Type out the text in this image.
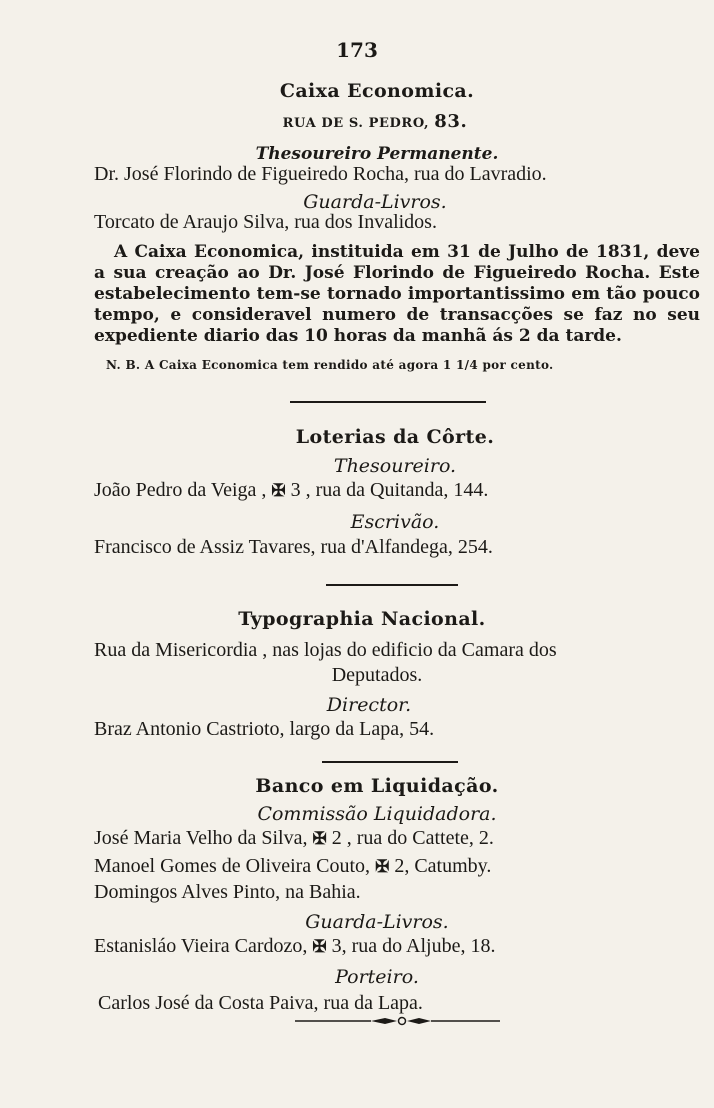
173
Caixa Economica.
RUA DE S. PEDRO, 83.
Thesoureiro Permanente.
Dr. José Florindo de Figueiredo Rocha, rua do Lavradio.
Guarda-Livros.
Torcato de Araujo Silva, rua dos Invalidos.

A Caixa Economica, instituida em 31 de Julho de 1831, deve a sua creação ao Dr. José Florindo de Figueiredo Rocha. Este estabelecimento tem-se tornado importantissimo em tão pouco tempo, e consideravel numero de transacções se faz no seu expediente diario das 10 horas da manhã ás 2 da tarde.

N. B. A Caixa Economica tem rendido até agora 1 1/4 por cento.
Loterias da Côrte.
Thesoureiro.
João Pedro da Veiga , ✠ 3 , rua da Quitanda, 144.
Escrivão.
Francisco de Assiz Tavares, rua d'Alfandega, 254.
Typographia Nacional.
Rua da Misericordia , nas lojas do edificio da Camara dos
Deputados.
Director.
Braz Antonio Castrioto, largo da Lapa, 54.
Banco em Liquidação.
Commissão Liquidadora.
José Maria Velho da Silva, ✠ 2 , rua do Cattete, 2.
Manoel Gomes de Oliveira Couto, ✠ 2, Catumby.
Domingos Alves Pinto, na Bahia.
Guarda-Livros.
Estanisláo Vieira Cardozo, ✠ 3, rua do Aljube, 18.
Porteiro.
Carlos José da Costa Paiva, rua da Lapa.
